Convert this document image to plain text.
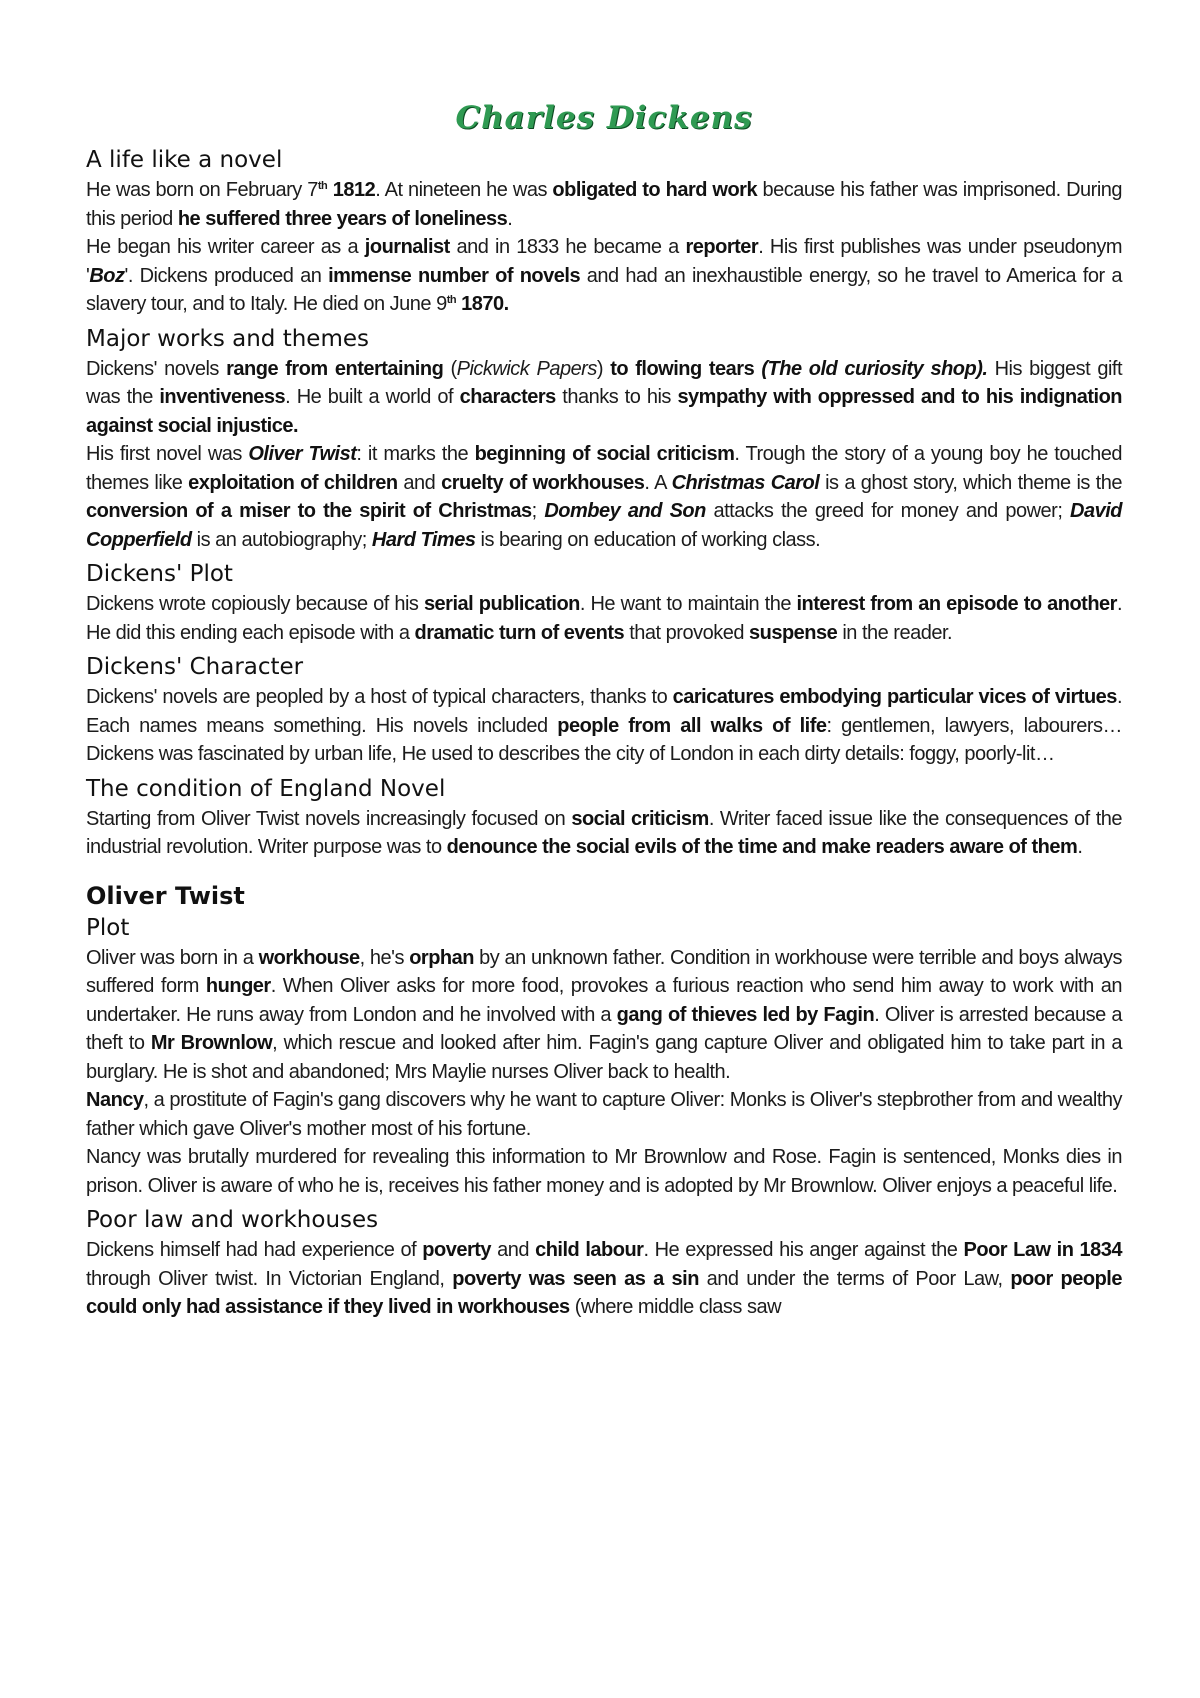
Charles Dickens
A life like a novel

He was born on February 7th 1812. At nineteen he was obligated to hard work because his father was imprisoned. During this period he suffered three years of loneliness.

He began his writer career as a journalist and in 1833 he became a reporter. His first publishes was under pseudonym 'Boz'. Dickens produced an immense number of novels and had an inexhaustible energy, so he travel to America for a slavery tour, and to Italy. He died on June 9th 1870.

Major works and themes

Dickens' novels range from entertaining (Pickwick Papers) to flowing tears (The old curiosity shop). His biggest gift was the inventiveness. He built a world of characters thanks to his sympathy with oppressed and to his indignation against social injustice.

His first novel was Oliver Twist: it marks the beginning of social criticism. Trough the story of a young boy he touched themes like exploitation of children and cruelty of workhouses. A Christmas Carol is a ghost story, which theme is the conversion of a miser to the spirit of Christmas; Dombey and Son attacks the greed for money and power; David Copperfield is an autobiography; Hard Times is bearing on education of working class.

Dickens' Plot

Dickens wrote copiously because of his serial publication. He want to maintain the interest from an episode to another. He did this ending each episode with a dramatic turn of events that provoked suspense in the reader.

Dickens' Character

Dickens' novels are peopled by a host of typical characters, thanks to caricatures embodying particular vices of virtues. Each names means something. His novels included people from all walks of life: gentlemen, lawyers, labourers… Dickens was fascinated by urban life, He used to describes the city of London in each dirty details: foggy, poorly-lit…

The condition of England Novel

Starting from Oliver Twist novels increasingly focused on social criticism. Writer faced issue like the consequences of the industrial revolution. Writer purpose was to denounce the social evils of the time and make readers aware of them.

Oliver Twist
Plot

Oliver was born in a workhouse, he's orphan by an unknown father. Condition in workhouse were terrible and boys always suffered form hunger. When Oliver asks for more food, provokes a furious reaction who send him away to work with an undertaker. He runs away from London and he involved with a gang of thieves led by Fagin. Oliver is arrested because a theft to Mr Brownlow, which rescue and looked after him. Fagin's gang capture Oliver and obligated him to take part in a burglary. He is shot and abandoned; Mrs Maylie nurses Oliver back to health.

Nancy, a prostitute of Fagin's gang discovers why he want to capture Oliver: Monks is Oliver's stepbrother from and wealthy father which gave Oliver's mother most of his fortune.

Nancy was brutally murdered for revealing this information to Mr Brownlow and Rose. Fagin is sentenced, Monks dies in prison. Oliver is aware of who he is, receives his father money and is adopted by Mr Brownlow. Oliver enjoys a peaceful life.

Poor law and workhouses

Dickens himself had had experience of poverty and child labour. He expressed his anger against the Poor Law in 1834 through Oliver twist. In Victorian England, poverty was seen as a sin and under the terms of Poor Law, poor people could only had assistance if they lived in workhouses (where middle class saw
